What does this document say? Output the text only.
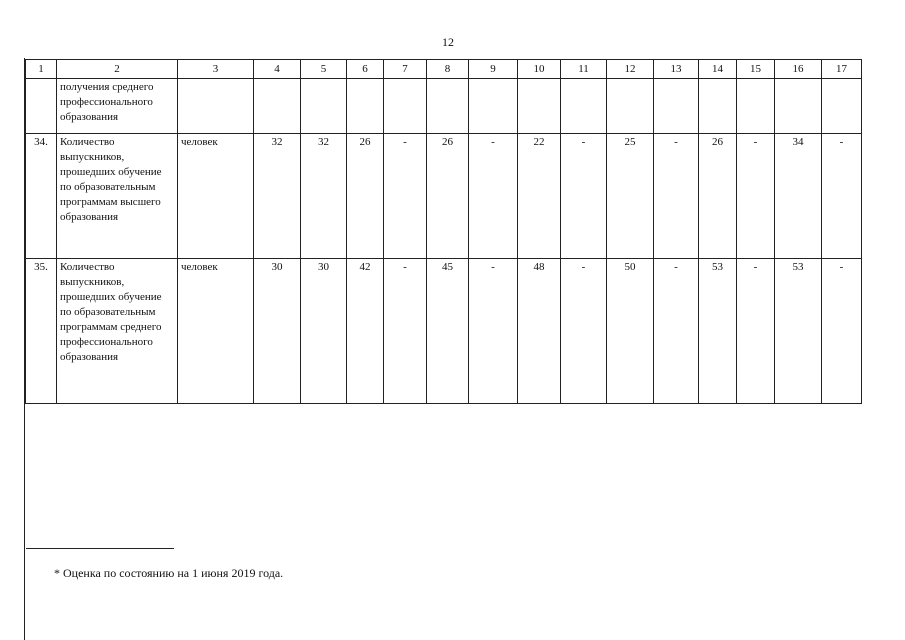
12
1	2	3	4	5	6	7	8	9	10	11	12	13	14	15	16	17
	получения среднего профессионального образования															
34.	Количество выпускников, прошедших обучение по образовательным программам высшего образования	человек	32	32	26	-	26	-	22	-	25	-	26	-	34	-
35.	Количество выпускников, прошедших обучение по образовательным программам среднего профессионального образования	человек	30	30	42	-	45	-	48	-	50	-	53	-	53	-
* Оценка по состоянию на 1 июня 2019 года.
